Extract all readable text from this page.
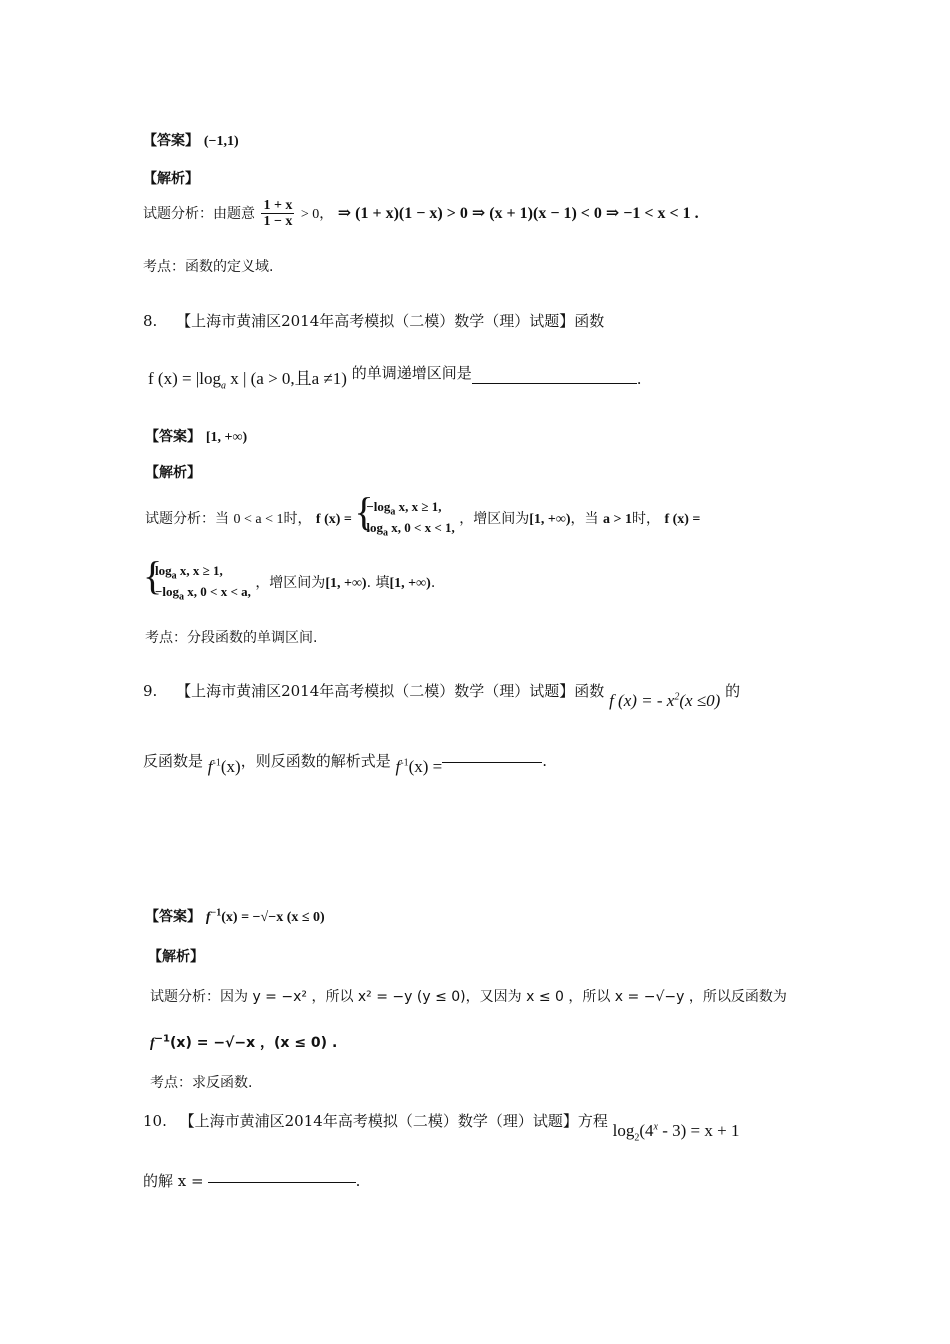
【答案】 (−1,1)
【解析】
试题分析：由题意 $\frac{1 + x}{1 - x} > 0$， ⇒ (1 + x)(1 − x) > 0 ⇒ (x + 1)(x − 1) < 0 ⇒ −1 < x < 1 .
考点：函数的定义域.
8. 【上海市黄浦区2014年高考模拟（二模）数学（理）试题】函数
f $(x) = |\log_a$ x | (a > 0,且a ≠1) 的单调递增区间是	.
【答案】 [1, +∞)
【解析】
试题分析：当 0 < a < 1时， f (x) =
{ $-\log_a$ x, x ≥ 1,
$\log_a x$, 0 < x < 1,
，增区间为[1, +∞)，当 a > 1时， f (x) =
{ $\log_a x$, x ≥ 1,
$-\log_a$ x, 0 < x < a,
，增区间为[1, +∞). 填[1, +∞).
考点：分段函数的单调区间.
9. 【上海市黄浦区2014年高考模拟（二模）数学（理）试题】函数 f (x) = - $x^2(x \le 0)$ 的
反函数是 $f^{-1}(x)$，则反函数的解析式是 $f^{-1}(x)$ =	.
【答案】 $f^{-1}(x) = -√-x$ (x ≤ 0)
【解析】
试题分析：因为 y = −x² ，所以 x² = −y (y ≤ 0)，又因为 x ≤ 0 ，所以 x = −√−y ，所以反函数为
$f^{-1}(x) = -√-x$ ，(x ≤ 0) .
考点：求反函数.
10. 【上海市黄浦区2014年高考模拟（二模）数学（理）试题】方程 $\log_2(4^x - 3) = x + 1$
的解 x =	.
